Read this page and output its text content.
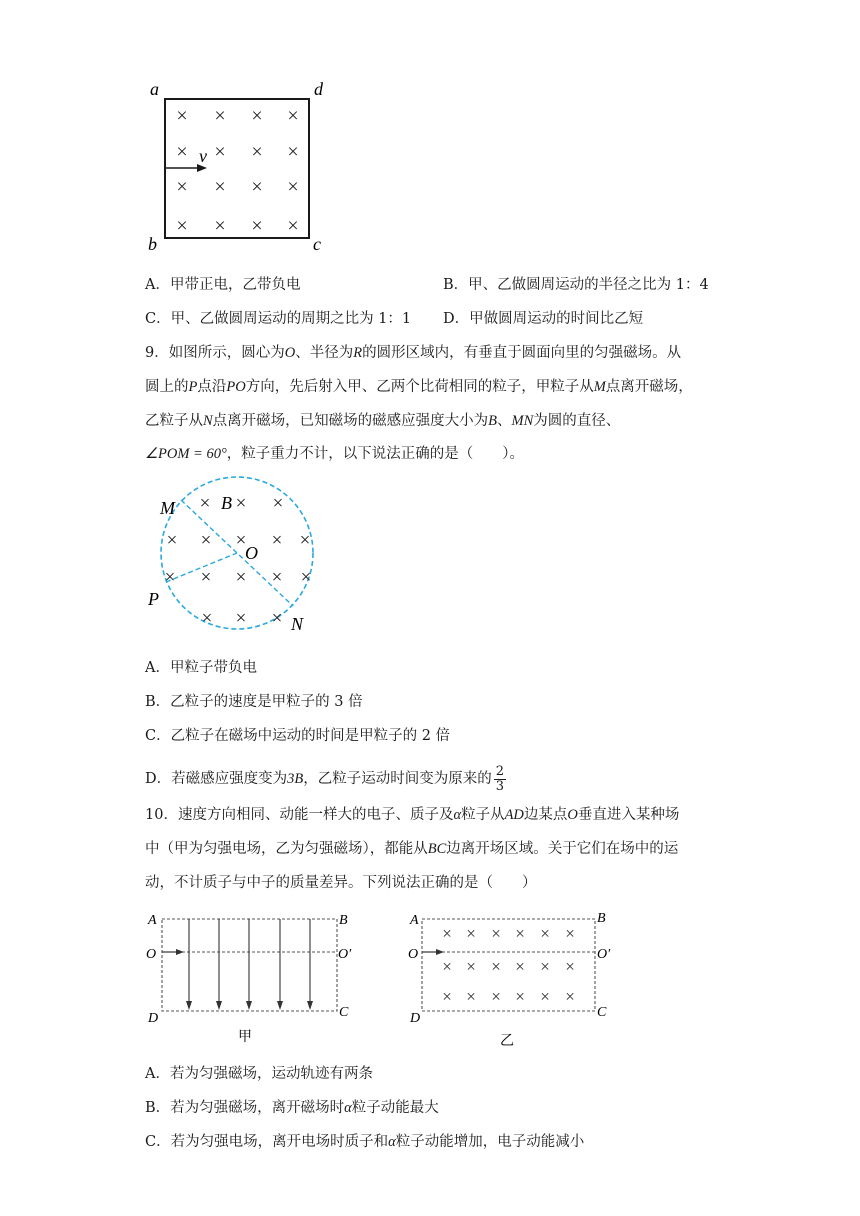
a	d
b	c
×
×
×
×
×
×
×
×
×
×
×
×
×
×
×
×
v
A．甲带正电，乙带负电	B．甲、乙做圆周运动的半径之比为 1：4
C．甲、乙做圆周运动的周期之比为 1：1 D．甲做圆周运动的时间比乙短
9．如图所示，圆心为O、半径为R的圆形区域内，有垂直于圆面向里的匀强磁场。从
圆上的P点沿PO方向，先后射入甲、乙两个比荷相同的粒子，甲粒子从M点离开磁场，
乙粒子从N点离开磁场，已知磁场的磁感应强度大小为B、MN为圆的直径、
∠POM = 60°，粒子重力不计，以下说法正确的是（　　）。
× × ×
× × × × ×
× × × × ×
× × ×
M	B
O
P
N
A．甲粒子带负电
B．乙粒子的速度是甲粒子的 3 倍
C．乙粒子在磁场中运动的时间是甲粒子的 2 倍
D．若磁感应强度变为3B，乙粒子运动时间变为原来的 $\frac{2}{3}$
10．速度方向相同、动能一样大的电子、质子及α粒子从AD边某点O垂直进入某种场
中（甲为匀强电场，乙为匀强磁场），都能从BC边离开场区域。关于它们在场中的运
动，不计质子与中子的质量差异。下列说法正确的是（　　）
A	B
O	O′
D	C
甲
×
×
×
×
×
×
×
×
×
×
×
×
×
×
×
×
×
×
A	B
O	O′
D	C
乙
A．若为匀强磁场，运动轨迹有两条
B．若为匀强磁场，离开磁场时α粒子动能最大
C．若为匀强电场，离开电场时质子和α粒子动能增加，电子动能减小
